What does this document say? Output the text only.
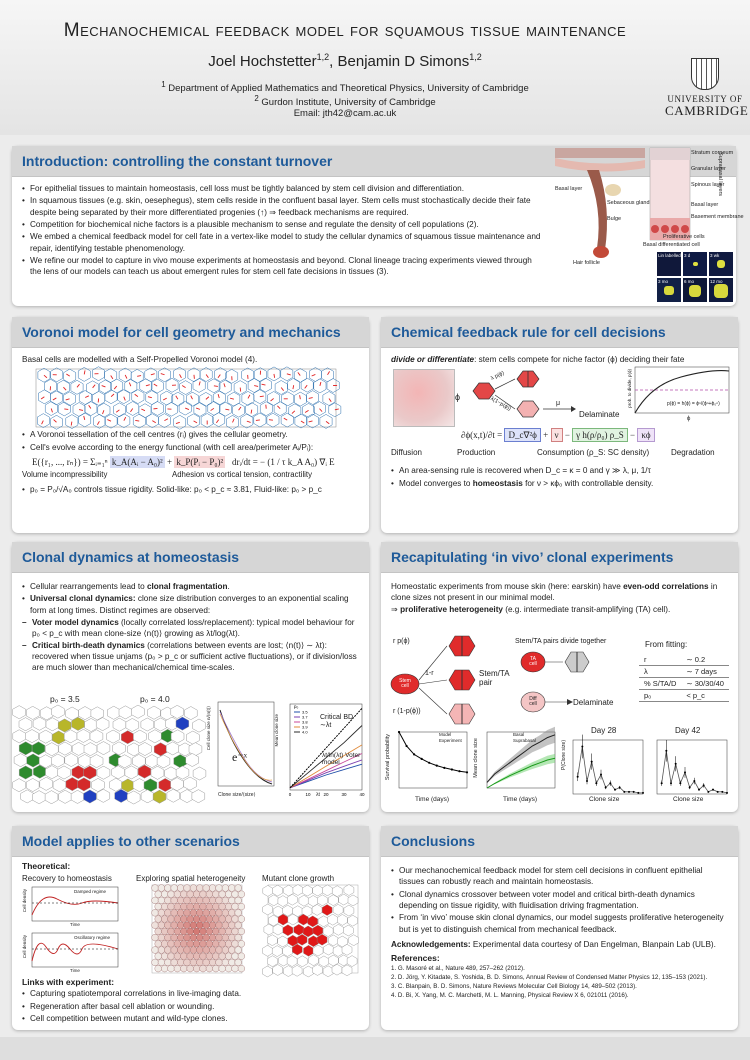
Mechanochemical feedback model for squamous tissue maintenance
Joel Hochstetter$^{1,2}$, Benjamin D Simons$^{1,2}$
$^1$ Department of Applied Mathematics and Theoretical Physics, University of Cambridge
$^2$ Gurdon Institute, University of Cambridge
Email: jth42@cam.ac.uk
UNIVERSITY OF
CAMBRIDGE
Introduction: controlling the constant turnover
• For epithelial tissues to maintain homeostasis, cell loss must be tightly balanced by stem cell division and differentiation.
• In squamous tissues (e.g. skin, oesephegus), stem cells reside in the confluent basal layer. Stem cells must stochastically decide their fate despite being separated by their more differentiated progenies (↑) ⇒ feedback mechanisms are required.
• Competition for biochemical niche factors is a plausible mechanism to sense and regulate the density of cell populations (2).
• We embed a chemical feedback model for cell fate in a vertex-like model to study the cellular dynamics of squamous tissue maintenance and repair, identifying testable phenomenology.
• We refine our model to capture in vivo mouse experiments at homeostasis and beyond. Clonal lineage tracing experiments viewed through the lens of our models can teach us about emergent rules for stem cell fate decisions in tissues (3).
Basal layer
Sebaceous gland
Bulge
Hair follicle
Stratum corneum
Granular layer
Spinous layer
Basal layer
Basement membrane
Basal differentiated cell
Proliferative cells
Suprabasal layers
Lin labelled 3 d	3 wk
3 mo	6 mo	12 mo
Voronoi model for cell geometry and mechanics
Basal cells are modelled with a Self-Propelled Voronoi model (4).
• A Voronoi tessellation of the cell centres (rᵢ) gives the cellular geometry.
• Cell's evolve according to the energy functional (with cell area/perimeter Aᵢ/Pᵢ):
E({r₁, ..., rₙ}) = Σᵢ₌₁ⁿ k_A(Aᵢ − A₀)² + k_P(Pᵢ − P₀)² drᵢ/dt = − (1 / τ k_A A₀) ∇ᵢ E
Volume incompressibility	Adhesion vs cortical tension, contractility
• p₀ = P₀/√A₀ controls tissue rigidity. Solid-like: p₀ < p_c ≈ 3.81, Fluid-like: p₀ > p_c
Chemical feedback rule for cell decisions
divide or differentiate: stem cells compete for niche factor (ϕ) deciding their fate
ϕ
λ p(ϕ)
λ(1−p(ϕ))	μ
Delaminate
prob. to divide, p(ϕ)
ϕ
p(ϕ) = h(ϕ) = ϕⁿ/(ϕⁿ+ϕ₀ⁿ)
∂ϕ(x,t)/∂t = D_c∇²ϕ + ν − γ h(ρ/ρ₀) ρ_S − κϕ
Diffusion	Production	Consumption (ρ_S: SC density)	Degradation
• An area-sensing rule is recovered when D_c = κ = 0 and γ ≫ λ, μ, 1/τ
• Model converges to homeostasis for ν > κϕ₀ with controllable density.
Clonal dynamics at homeostasis
• Cellular rearrangements lead to clonal fragmentation.
• Universal clonal dynamics: clone size distribution converges to an exponential scaling form at long times. Distinct regimes are observed:
– Voter model dynamics (locally correlated loss/replacement): typical model behaviour for p₀ < p_c with mean clone-size ⟨n(t)⟩ growing as λt/log(λt).
– Critical birth-death dynamics (correlations between events are lost; ⟨n(t)⟩ ∼ λt): recovered when tissue unjams (p₀ > p_c or sufficient active fluctuations), or if division/loss are much slower than mechanical/chemical time-scales.
p₀ = 3.5	p₀ = 4.0
e⁻ˣ
Clone size/⟨size⟩
Cell clone size n/⟨n(t)⟩
0	10	20	30	40
3.5
3.7
3.8
3.9
4.0
p₀
λt
Mean clone size	Critical BD ∼λt
λt/ln(λt) Voter model
Recapitulating ‘in vivo’ clonal experiments
Homeostatic experiments from mouse skin (here: earskin) have even-odd correlations in clone sizes not present in our minimal model.
⇒ proliferative heterogeneity (e.g. intermediate transit-amplifying (TA) cell).
r p(ϕ)
1-r
r (1-p(ϕ))
Stem cell
Stem/TA pair
Stem/TA pairs divide together
TA cell
Diff cell	Delaminate
From fitting:
r	∼ 0.2
λ	∼ 7 days
% S/TA/D	∼ 30/30/40
p₀	< p_c
Survival probability
Time (days)
Model
Experiment Mean clone size
Time (days)
Basal
Suprabasal
Day 28
Clone size
P(Clone size)
Day 42
Clone size
Model applies to other scenarios
Theoretical:
Recovery to homeostasis	Exploring spatial heterogeneity Mutant clone growth
Damped regime
Oscillatory regime
Time
Time
Cell density
Cell density
Links with experiment:
• Capturing spatiotemporal correlations in live-imaging data.
• Regeneration after basal cell ablation or wounding.
• Cell competition between mutant and wild-type clones.
Conclusions
• Our mechanochemical feedback model for stem cell decisions in confluent epithelial tissues can robustly reach and maintain homeostasis.
• Clonal dynamics crossover between voter model and critical birth-death dynamics depending on tissue rigidity, with fluidisation driving fragmentation.
• From ‘in vivo’ mouse skin clonal dynamics, our model suggests proliferative heterogeneity but is yet to distinguish chemical from mechanical feedback.
Acknowledgements: Experimental data courtesy of Dan Engelman, Blanpain Lab (ULB).
References:
1. G. Masoré et al., Nature 489, 257–262 (2012).
2. D. Jörg, Y. Kitadate, S. Yoshida, B. D. Simons, Annual Review of Condensed Matter Physics 12, 135–153 (2021).
3. C. Blanpain, B. D. Simons, Nature Reviews Molecular Cell Biology 14, 489–502 (2013).
4. D. Bi, X. Yang, M. C. Marchetti, M. L. Manning, Physical Review X 6, 021011 (2016).
